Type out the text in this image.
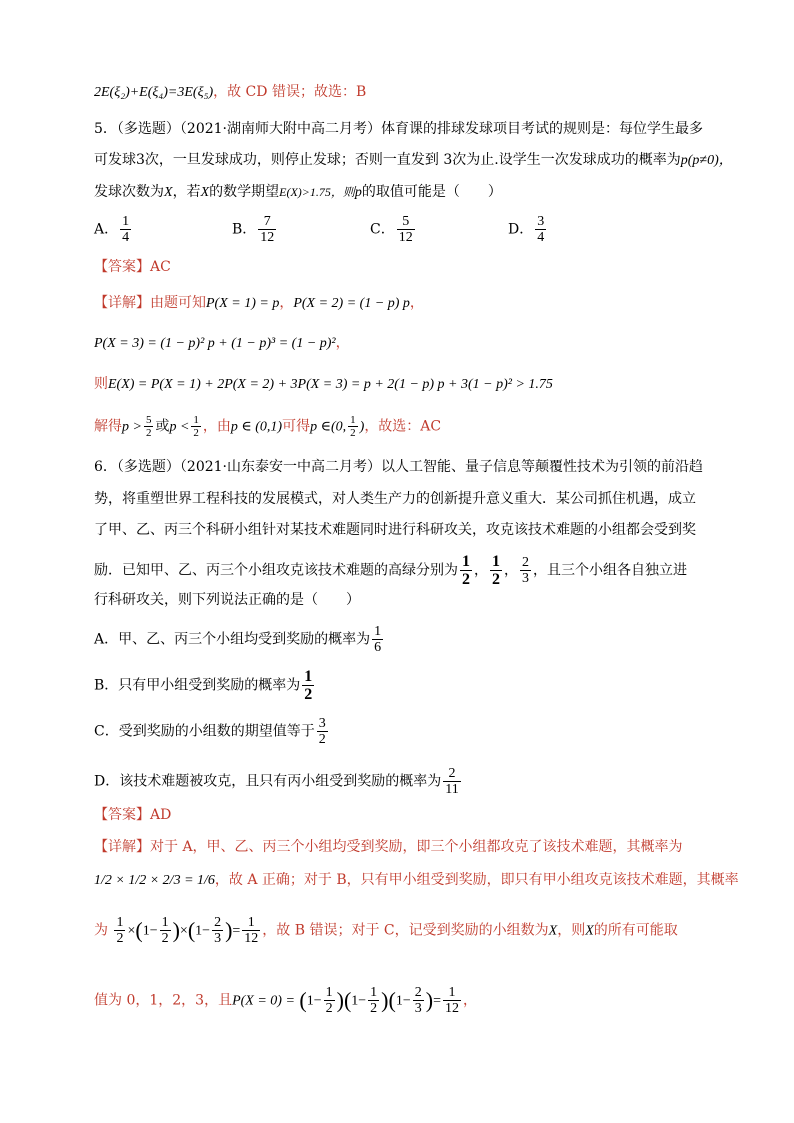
2E(ξ₂)+E(ξ₄)=3E(ξ₅)，故 CD 错误；故选：B
5．（多选题）（2021·湖南师大附中高二月考）体育课的排球发球项目考试的规则是：每位学生最多
可发球3次，一旦发球成功，则停止发球；否则一直发到 3次为止.设学生一次发球成功的概率为p(p≠0)，
发球次数为X，若X的数学期望E(X)>1.75，则p的取值可能是（　　）
A． $\frac{1}{4}$	B． $\frac{7}{12}$	C． $\frac{5}{12}$	D． $\frac{3}{4}$
【答案】AC
【详解】由题可知P(X = 1) = p，P(X = 2) = (1 − p) p，
P(X = 3) = (1 − p)² p + (1 − p)³ = (1 − p)²，
则E(X) = P(X = 1) + 2P(X = 2) + 3P(X = 3) = p + 2(1 − p) p + 3(1 − p)² > 1.75
解得$p > \frac{5}{2}$ 或$p < \frac{1}{2}$ ，由p ∈ (0,1)可得p ∈(0, $\frac{1}{2}$ )，故选：AC
6．（多选题）（2021·山东泰安一中高二月考）以人工智能、量子信息等颠覆性技术为引领的前沿趋
势，将重塑世界工程科技的发展模式，对人类生产力的创新提升意义重大．某公司抓住机遇，成立
了甲、乙、丙三个科研小组针对某技术难题同时进行科研攻关，攻克该技术难题的小组都会受到奖
励．已知甲、乙、丙三个小组攻克该技术难题的高绿分别为 $\frac{1}{2}$ ， $\frac{1}{2}$ ， $\frac{2}{3}$ ，且三个小组各自独立进
行科研攻关，则下列说法正确的是（　　）
A．甲、乙、丙三个小组均受到奖励的概率为 $\frac{1}{6}$
B．只有甲小组受到奖励的概率为 $\frac{1}{2}$
C．受到奖励的小组数的期望值等于 $\frac{3}{2}$
D．该技术难题被攻克，且只有丙小组受到奖励的概率为 $\frac{2}{11}$
【答案】AD
【详解】对于 A，甲、乙、丙三个小组均受到奖励，即三个小组都攻克了该技术难题，其概率为
1/2 × 1/2 × 2/3 = 1/6，故 A 正确；对于 B，只有甲小组受到奖励，即只有甲小组攻克该技术难题，其概率
为 $\frac{1}{2} \times(1- \frac{1}{2} )\times(1- \frac{2}{3}$ )= $\frac{1}{12}$ ，故 B 错误；对于 C，记受到奖励的小组数为X，则X的所有可能取
值为 0，1，2，3，且$P(X = 0) = (1- \frac{1}{2} )(1- \frac{1}{2} )(1- \frac{2}{3}$ )= $\frac{1}{12}$ ，
